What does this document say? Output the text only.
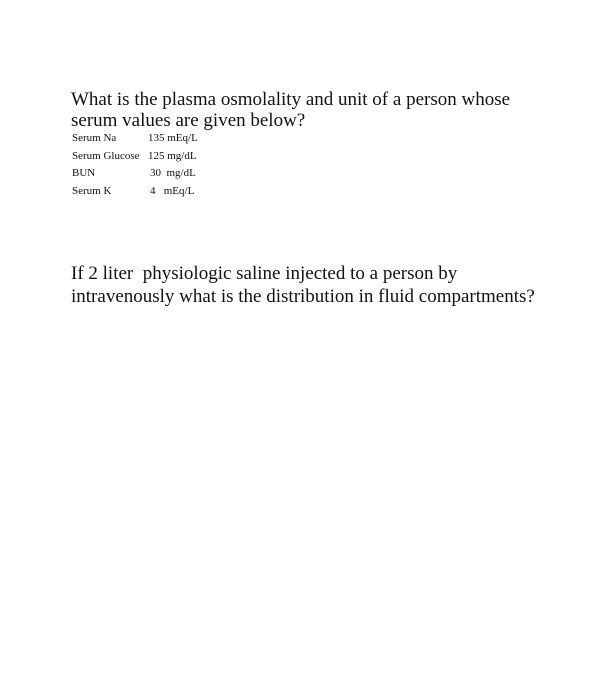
What is the plasma osmolality and unit of a person whose
serum values are given below?
Serum Na	135 mEq/L
Serum Glucose 125 mg/dL
BUN	30  mg/dL
Serum K	4   mEq/L
If 2 liter  physiologic saline injected to a person by
intravenously what is the distribution in fluid compartments?
